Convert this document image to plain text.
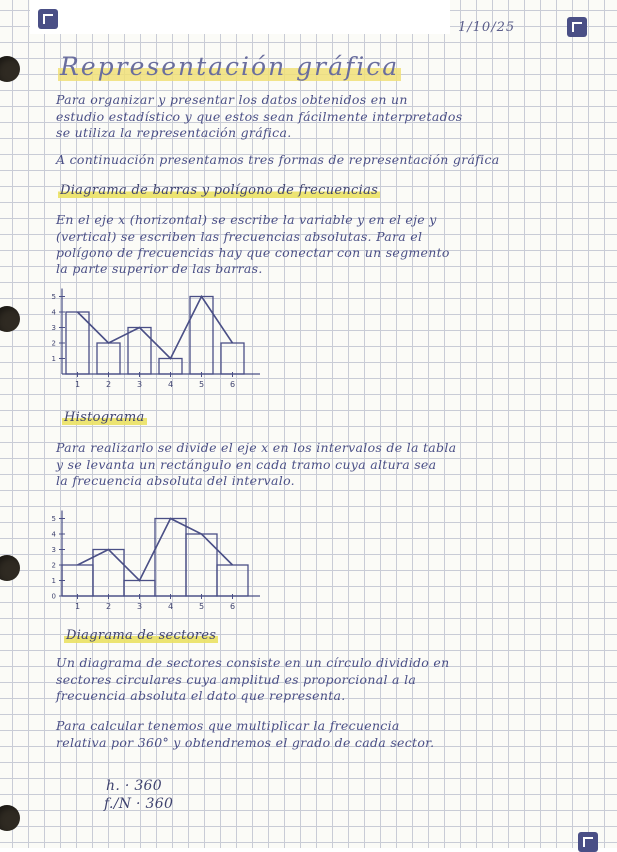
1/10/25
Representación gráfica
Para organizar y presentar los datos obtenidos en un
estudio estadístico y que estos sean fácilmente interpretados
se utiliza la representación gráfica.
A continuación presentamos tres formas de representación gráfica
Diagrama de barras y polígono de frecuencias
En el eje x (horizontal) se escribe la variable y en el eje y
(vertical) se escriben las frecuencias absolutas. Para el
polígono de frecuencias hay que conectar con un segmento
la parte superior de las barras.
1
2
3
4
5
1	2	3	4	5	6
Histograma
Para realizarlo se divide el eje x en los intervalos de la tabla
y se levanta un rectángulo en cada tramo cuya altura sea
la frecuencia absoluta del intervalo.
0
1
2
3
4
5
1	2	3	4	5	6
Diagrama de sectores
Un diagrama de sectores consiste en un círculo dividido en
sectores circulares cuya amplitud es proporcional a la
frecuencia absoluta el dato que representa.
Para calcular tenemos que multiplicar la frecuencia
relativa por 360° y obtendremos el grado de cada sector.
h. · 360
f./N · 360
